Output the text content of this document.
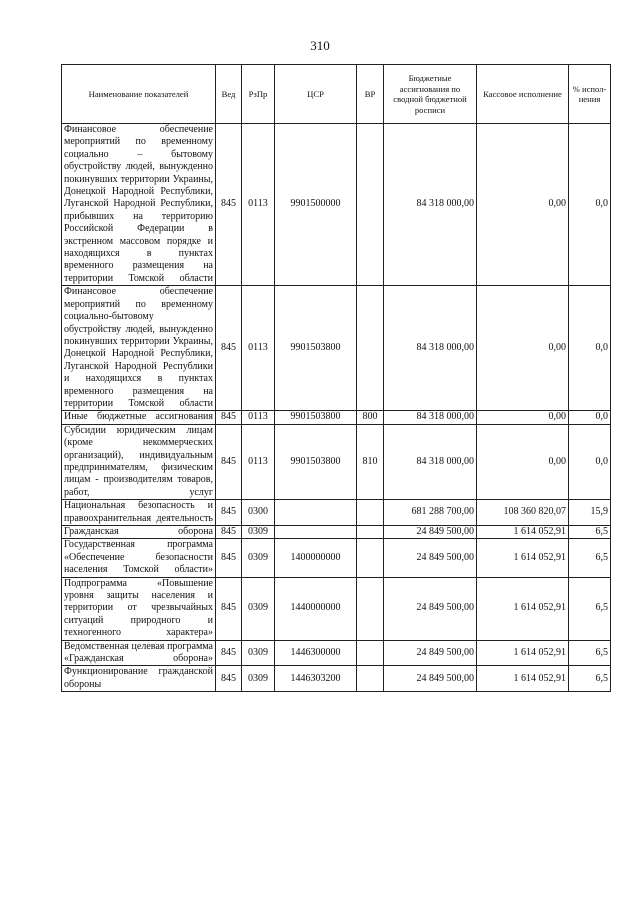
310
Наименование показателей	Вед	РзПр	ЦСР	ВР	Бюджетные ассигнования по сводной бюджетной росписи	Кассовое исполнение	% испол-нения
Финансовое обеспечение мероприятий по временному социально – бытовому обустройству людей, вынужденно покинувших территории Украины, Донецкой Народной Республики, Луганской Народной Республики, прибывших на территорию Российской Федерации в экстренном массовом порядке и находящихся в пунктах временного размещения на территории Томской области	845	0113	9901500000		84 318 000,00	0,00	0,0
Финансовое обеспечение мероприятий по временному социально-бытовому обустройству людей, вынужденно покинувших территории Украины, Донецкой Народной Республики, Луганской Народной Республики и находящихся в пунктах временного размещения на территории Томской области	845	0113	9901503800		84 318 000,00	0,00	0,0
Иные бюджетные ассигнования	845	0113	9901503800	800	84 318 000,00	0,00	0,0
Субсидии юридическим лицам (кроме некоммерческих организаций), индивидуальным предпринимателям, физическим лицам - производителям товаров, работ, услуг	845	0113	9901503800	810	84 318 000,00	0,00	0,0
Национальная безопасность и правоохранительная деятельность	845	0300			681 288 700,00	108 360 820,07	15,9
Гражданская оборона	845	0309			24 849 500,00	1 614 052,91	6,5
Государственная программа «Обеспечение безопасности населения Томской области»	845	0309	1400000000		24 849 500,00	1 614 052,91	6,5
Подпрограмма «Повышение уровня защиты населения и территории от чрезвычайных ситуаций природного и техногенного характера»	845	0309	1440000000		24 849 500,00	1 614 052,91	6,5
Ведомственная целевая программа «Гражданская оборона»	845	0309	1446300000		24 849 500,00	1 614 052,91	6,5
Функционирование гражданской обороны	845	0309	1446303200		24 849 500,00	1 614 052,91	6,5
